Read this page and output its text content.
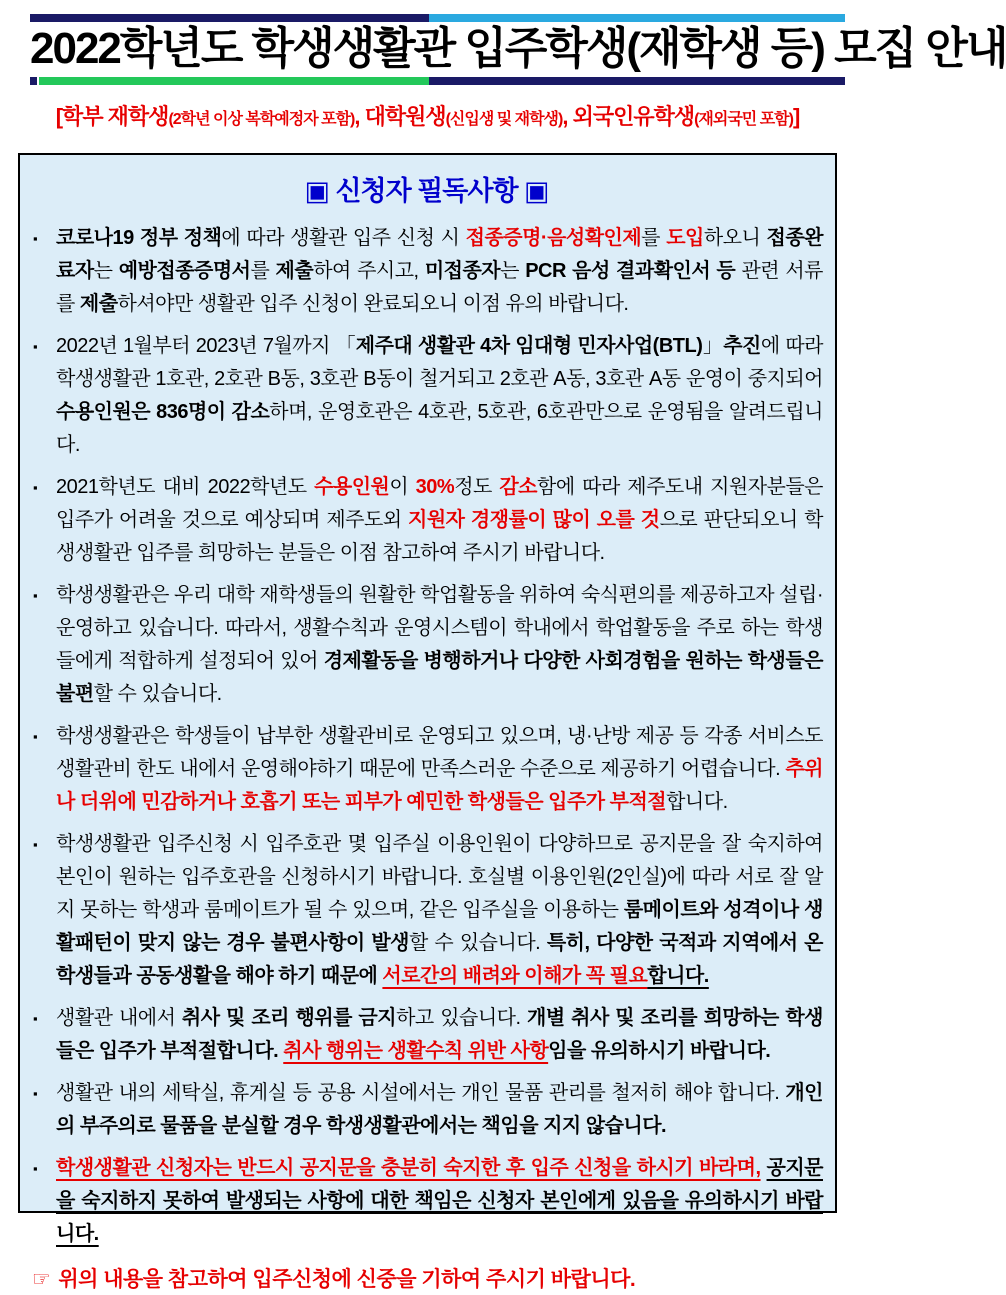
2022학년도 학생생활관 입주학생(재학생 등) 모집 안내
[학부 재학생(2학년 이상 복학예정자 포함), 대학원생(신입생 및 재학생), 외국인유학생(재외국민 포함)]
▣ 신청자 필독사항 ▣
▪ 코로나19 정부 정책에 따라 생활관 입주 신청 시 접종증명·음성확인제를 도입하오니 접종완료자는 예방접종증명서를 제출하여 주시고, 미접종자는 PCR 음성 결과확인서 등 관련 서류를 제출하셔야만 생활관 입주 신청이 완료되오니 이점 유의 바랍니다.
▪ 2022년 1월부터 2023년 7월까지 「제주대 생활관 4차 임대형 민자사업(BTL)」추진에 따라 학생생활관 1호관, 2호관 B동, 3호관 B동이 철거되고 2호관 A동, 3호관 A동 운영이 중지되어 수용인원은 836명이 감소하며, 운영호관은 4호관, 5호관, 6호관만으로 운영됨을 알려드립니다.
▪ 2021학년도 대비 2022학년도 수용인원이 30%정도 감소함에 따라 제주도내 지원자분들은 입주가 어려울 것으로 예상되며 제주도외 지원자 경쟁률이 많이 오를 것으로 판단되오니 학생생활관 입주를 희망하는 분들은 이점 참고하여 주시기 바랍니다.
▪ 학생생활관은 우리 대학 재학생들의 원활한 학업활동을 위하여 숙식편의를 제공하고자 설립·운영하고 있습니다. 따라서, 생활수칙과 운영시스템이 학내에서 학업활동을 주로 하는 학생들에게 적합하게 설정되어 있어 경제활동을 병행하거나 다양한 사회경험을 원하는 학생들은 불편할 수 있습니다.
▪ 학생생활관은 학생들이 납부한 생활관비로 운영되고 있으며, 냉·난방 제공 등 각종 서비스도 생활관비 한도 내에서 운영해야하기 때문에 만족스러운 수준으로 제공하기 어렵습니다. 추위나 더위에 민감하거나 호흡기 또는 피부가 예민한 학생들은 입주가 부적절합니다.
▪ 학생생활관 입주신청 시 입주호관 몇 입주실 이용인원이 다양하므로 공지문을 잘 숙지하여 본인이 원하는 입주호관을 신청하시기 바랍니다. 호실별 이용인원(2인실)에 따라 서로 잘 알지 못하는 학생과 룸메이트가 될 수 있으며, 같은 입주실을 이용하는 룸메이트와 성격이나 생활패턴이 맞지 않는 경우 불편사항이 발생할 수 있습니다. 특히, 다양한 국적과 지역에서 온 학생들과 공동생활을 해야 하기 때문에 서로간의 배려와 이해가 꼭 필요합니다.
▪ 생활관 내에서 취사 및 조리 행위를 금지하고 있습니다. 개별 취사 및 조리를 희망하는 학생들은 입주가 부적절합니다. 취사 행위는 생활수칙 위반 사항임을 유의하시기 바랍니다.
▪ 생활관 내의 세탁실, 휴게실 등 공용 시설에서는 개인 물품 관리를 철저히 해야 합니다. 개인의 부주의로 물품을 분실할 경우 학생생활관에서는 책임을 지지 않습니다.
▪ 학생생활관 신청자는 반드시 공지문을 충분히 숙지한 후 입주 신청을 하시기 바라며, 공지문을 숙지하지 못하여 발생되는 사항에 대한 책임은 신청자 본인에게 있음을 유의하시기 바랍니다.
☞ 위의 내용을 참고하여 입주신청에 신중을 기하여 주시기 바랍니다.
